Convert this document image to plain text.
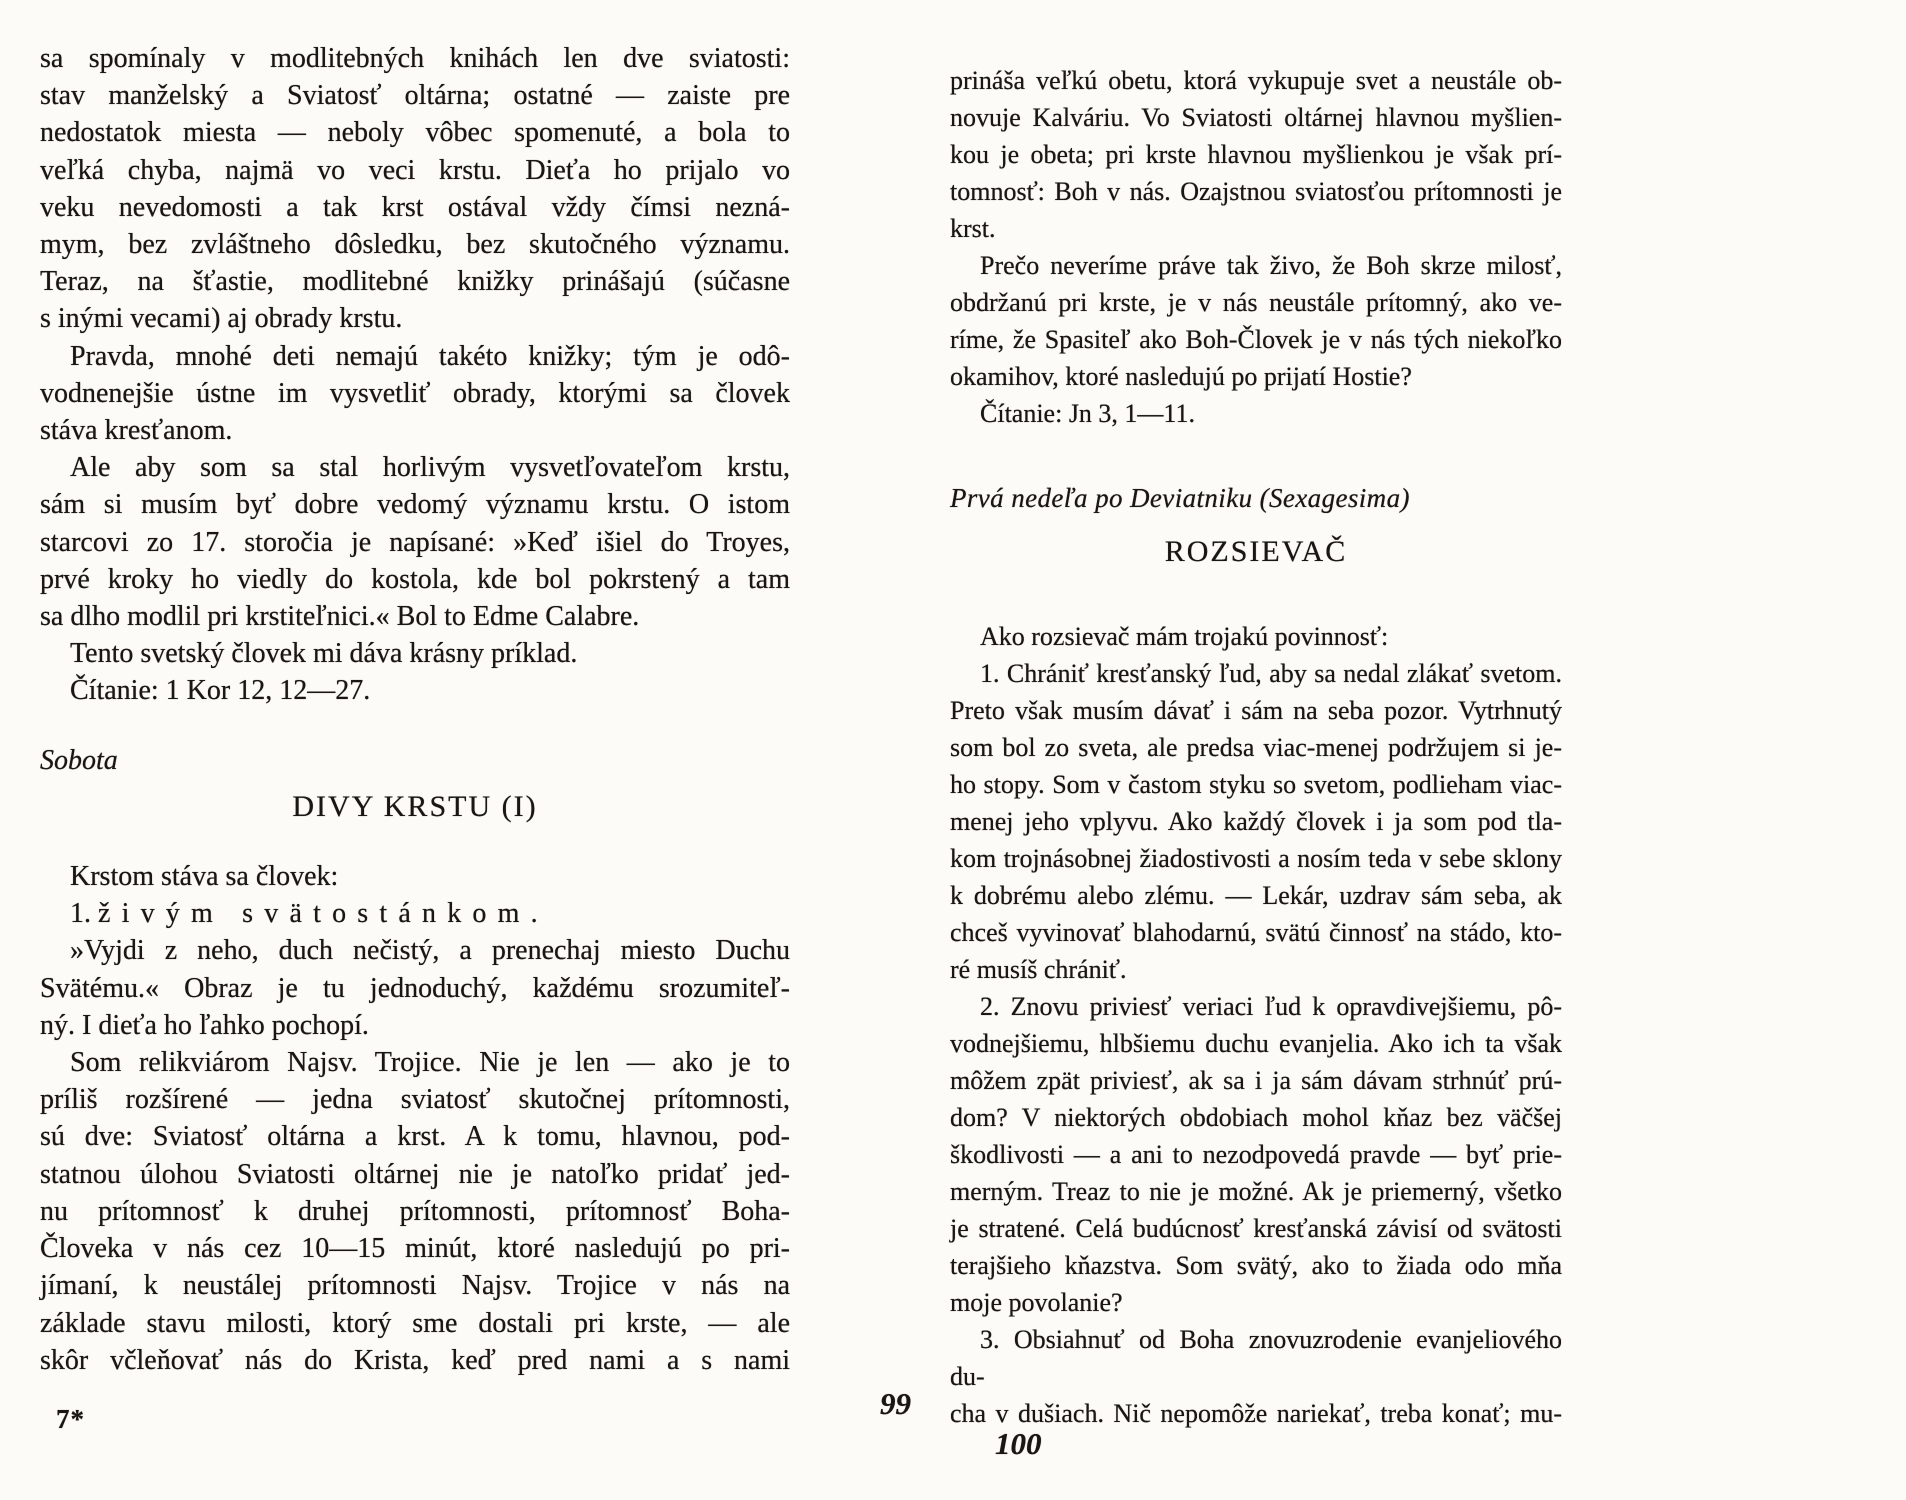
sa spomínaly v modlitebných knihách len dve sviatosti:
stav manželský a Sviatosť oltárna; ostatné — zaiste pre
nedostatok miesta — neboly vôbec spomenuté, a bola to
veľká chyba, najmä vo veci krstu. Dieťa ho prijalo vo
veku nevedomosti a tak krst ostával vždy čímsi nezná-
mym, bez zvláštneho dôsledku, bez skutočného významu.
Teraz, na šťastie, modlitebné knižky prinášajú (súčasne
s inými vecami) aj obrady krstu.
Pravda, mnohé deti nemajú takéto knižky; tým je odô-
vodnenejšie ústne im vysvetliť obrady, ktorými sa človek
stáva kresťanom.
Ale aby som sa stal horlivým vysvetľovateľom krstu,
sám si musím byť dobre vedomý významu krstu. O istom
starcovi zo 17. storočia je napísané: »Keď išiel do Troyes,
prvé kroky ho viedly do kostola, kde bol pokrstený a tam
sa dlho modlil pri krstiteľnici.« Bol to Edme Calabre.
Tento svetský človek mi dáva krásny príklad.
Čítanie: 1 Kor 12, 12—27.
Sobota
DIVY KRSTU (I)
Krstom stáva sa človek:
1. živým svätostánkom.
»Vyjdi z neho, duch nečistý, a prenechaj miesto Duchu
Svätému.« Obraz je tu jednoduchý, každému srozumiteľ-
ný. I dieťa ho ľahko pochopí.
Som relikviárom Najsv. Trojice. Nie je len — ako je to
príliš rozšírené — jedna sviatosť skutočnej prítomnosti,
sú dve: Sviatosť oltárna a krst. A k tomu, hlavnou, pod-
statnou úlohou Sviatosti oltárnej nie je natoľko pridať jed-
nu prítomnosť k druhej prítomnosti, prítomnosť Boha-
Človeka v nás cez 10—15 minút, ktoré nasledujú po pri-
jímaní, k neustálej prítomnosti Najsv. Trojice v nás na
základe stavu milosti, ktorý sme dostali pri krste, — ale
skôr včleňovať nás do Krista, keď pred nami a s nami
prináša veľkú obetu, ktorá vykupuje svet a neustále ob-
novuje Kalváriu. Vo Sviatosti oltárnej hlavnou myšlien-
kou je obeta; pri krste hlavnou myšlienkou je však prí-
tomnosť: Boh v nás. Ozajstnou sviatosťou prítomnosti je
krst.
Prečo neveríme práve tak živo, že Boh skrze milosť,
obdržanú pri krste, je v nás neustále prítomný, ako ve-
ríme, že Spasiteľ ako Boh-Človek je v nás tých niekoľko
okamihov, ktoré nasledujú po prijatí Hostie?
Čítanie: Jn 3, 1—11.
Prvá nedeľa po Deviatniku (Sexagesima)
ROZSIEVAČ
Ako rozsievač mám trojakú povinnosť:
1. Chrániť kresťanský ľud, aby sa nedal zlákať svetom.
Preto však musím dávať i sám na seba pozor. Vytrhnutý
som bol zo sveta, ale predsa viac-menej podržujem si je-
ho stopy. Som v častom styku so svetom, podlieham viac-
menej jeho vplyvu. Ako každý človek i ja som pod tla-
kom trojnásobnej žiadostivosti a nosím teda v sebe sklony
k dobrému alebo zlému. — Lekár, uzdrav sám seba, ak
chceš vyvinovať blahodarnú, svätú činnosť na stádo, kto-
ré musíš chrániť.
2. Znovu priviesť veriaci ľud k opravdivejšiemu, pô-
vodnejšiemu, hlbšiemu duchu evanjelia. Ako ich ta však
môžem zpät priviesť, ak sa i ja sám dávam strhnúť prú-
dom? V niektorých obdobiach mohol kňaz bez väčšej
škodlivosti — a ani to nezodpovedá pravde — byť prie-
merným. Treaz to nie je možné. Ak je priemerný, všetko
je stratené. Celá budúcnosť kresťanská závisí od svätosti
terajšieho kňazstva. Som svätý, ako to žiada odo mňa
moje povolanie?
3. Obsiahnuť od Boha znovuzrodenie evanjeliového du-
cha v dušiach. Nič nepomôže nariekať, treba konať; mu-
7*	99
100
